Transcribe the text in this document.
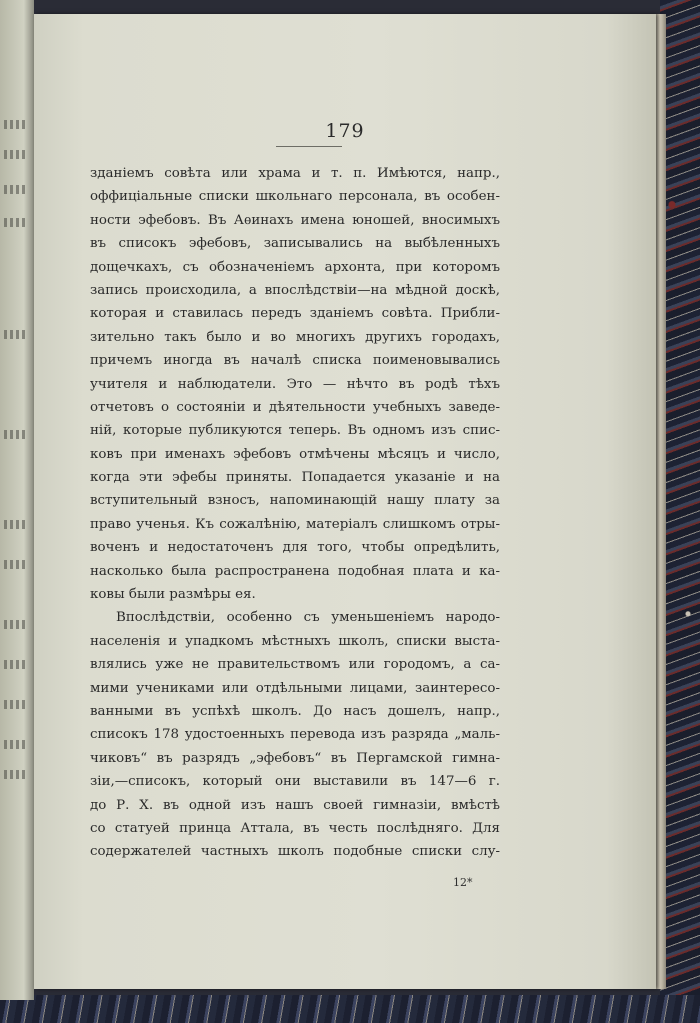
179
зданіемъ совѣта или храма и т. п. Имѣются, напр.,
оффиціальные списки школьнаго персонала, въ особен-
ности эфебовъ. Въ Аѳинахъ имена юношей, вносимыхъ
въ списокъ эфебовъ, записывались на выбѣленныхъ
дощечкахъ, съ обозначеніемъ архонта, при которомъ
запись происходила, а впослѣдствіи—на мѣдной доскѣ,
которая и ставилась передъ зданіемъ совѣта. Прибли-
зительно такъ было и во многихъ другихъ городахъ,
причемъ иногда въ началѣ списка поименовывались
учителя и наблюдатели. Это — нѣчто въ родѣ тѣхъ
отчетовъ о состояніи и дѣятельности учебныхъ заведе-
ній, которые публикуются теперь. Въ одномъ изъ спис-
ковъ при именахъ эфебовъ отмѣчены мѣсяцъ и число,
когда эти эфебы приняты. Попадается указаніе и на
вступительный взносъ, напоминающій нашу плату за
право ученья. Къ сожалѣнію, матеріалъ слишкомъ отры-
воченъ и недостаточенъ для того, чтобы опредѣлить,
насколько была распространена подобная плата и ка-
ковы были размѣры ея.
Впослѣдствіи, особенно съ уменьшеніемъ народо-
населенія и упадкомъ мѣстныхъ школъ, списки выста-
влялись уже не правительствомъ или городомъ, а са-
мими учениками или отдѣльными лицами, заинтересо-
ванными въ успѣхѣ школъ. До насъ дошелъ, напр.,
списокъ 178 удостоенныхъ перевода изъ разряда „маль-
чиковъ“ въ разрядъ „эфебовъ“ въ Пергамской гимна-
зіи,—списокъ, который они выставили въ 147—6 г.
до Р. Х. въ одной изъ нашъ своей гимназіи, вмѣстѣ
со статуей принца Аттала, въ честь послѣдняго. Для
содержателей частныхъ школъ подобные списки слу-
12*
